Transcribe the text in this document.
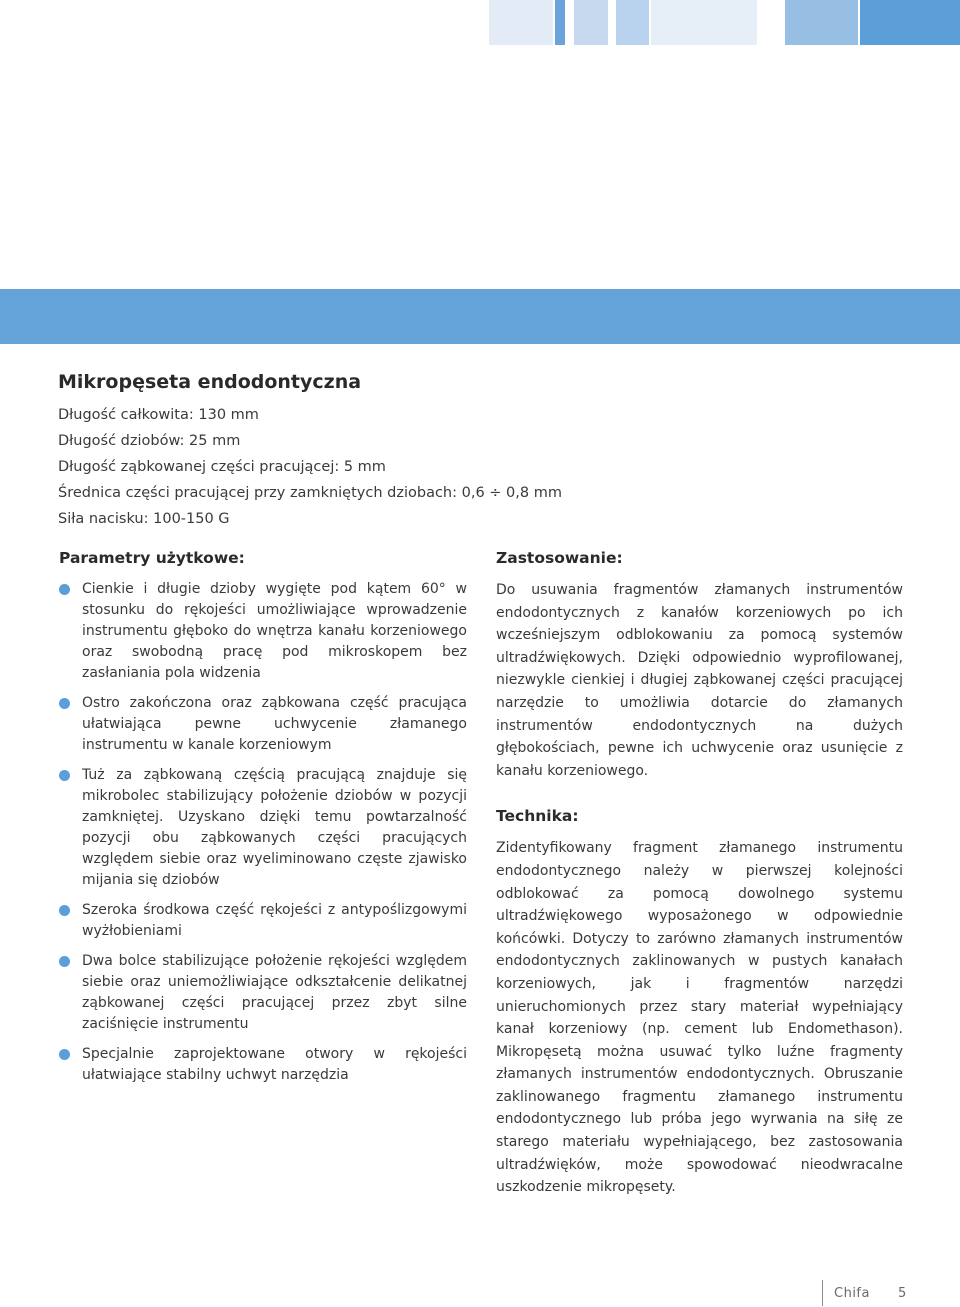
Mikropęseta endodontyczna
Długość całkowita: 130 mm
Długość dziobów: 25 mm
Długość ząbkowanej części pracującej: 5 mm
Średnica części pracującej przy zamkniętych dziobach: 0,6 ÷ 0,8 mm
Siła nacisku: 100-150 G
Parametry użytkowe:
Cienkie i długie dzioby wygięte pod kątem 60° w stosunku do rękojeści umożliwiające wprowadzenie instrumentu głęboko do wnętrza kanału korzeniowego oraz swobodną pracę pod mikroskopem bez zasłaniania pola widzenia
Ostro zakończona oraz ząbkowana część pracująca ułatwiająca pewne uchwycenie złamanego instrumentu w kanale korzeniowym
Tuż za ząbkowaną częścią pracującą znajduje się mikrobolec stabilizujący położenie dziobów w pozycji zamkniętej. Uzyskano dzięki temu powtarzalność pozycji obu ząbkowanych części pracujących względem siebie oraz wyeliminowano częste zjawisko mijania się dziobów
Szeroka środkowa część rękojeści z antypoślizgowymi wyżłobieniami
Dwa bolce stabilizujące położenie rękojeści względem siebie oraz uniemożliwiające odkształcenie delikatnej ząbkowanej części pracującej przez zbyt silne zaciśnięcie instrumentu
Specjalnie zaprojektowane otwory w rękojeści ułatwiające stabilny uchwyt narzędzia
Zastosowanie:

Do usuwania fragmentów złamanych instrumentów endodontycznych z kanałów korzeniowych po ich wcześniejszym odblokowaniu za pomocą systemów ultradźwiękowych. Dzięki odpowiednio wyprofilowanej, niezwykle cienkiej i długiej ząbkowanej części pracującej narzędzie to umożliwia dotarcie do złamanych instrumentów endodontycznych na dużych głębokościach, pewne ich uchwycenie oraz usunięcie z kanału korzeniowego.

Technika:

Zidentyfikowany fragment złamanego instrumentu endodontycznego należy w pierwszej kolejności odblokować za pomocą dowolnego systemu ultradźwiękowego wyposażonego w odpowiednie końcówki. Dotyczy to zarówno złamanych instrumentów endodontycznych zaklinowanych w pustych kanałach korzeniowych, jak i fragmentów narzędzi unieruchomionych przez stary materiał wypełniający kanał korzeniowy (np. cement lub Endomethason). Mikropęsetą można usuwać tylko luźne fragmenty złamanych instrumentów endodontycznych. Obruszanie zaklinowanego fragmentu złamanego instrumentu endodontycznego lub próba jego wyrwania na siłę ze starego materiału wypełniającego, bez zastosowania ultradźwięków, może spowodować nieodwracalne uszkodzenie mikropęsety.

Chifa 5
